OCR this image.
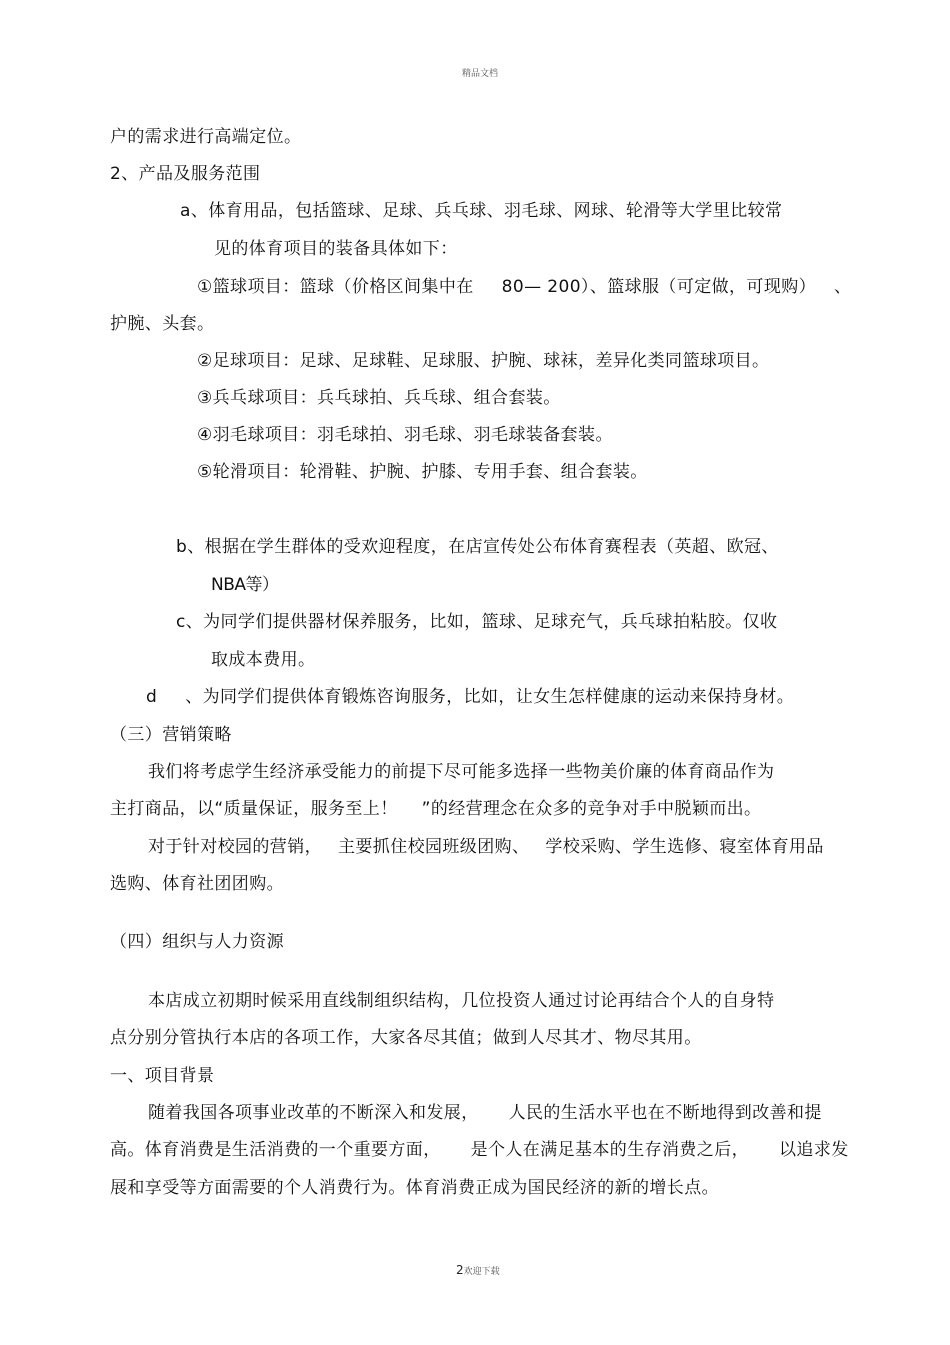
精品文档
户的需求进行高端定位。
2、产品及服务范围
a、体育用品，包括篮球、足球、兵乓球、羽毛球、网球、轮滑等大学里比较常
见的体育项目的装备具体如下：
①篮球项目：篮球（价格区间集中在 80— 200）、篮球服（可定做，可现购） 、
护腕、头套。
②足球项目：足球、足球鞋、足球服、护腕、球袜，差异化类同篮球项目。
③兵乓球项目：兵乓球拍、兵乓球、组合套装。
④羽毛球项目：羽毛球拍、羽毛球、羽毛球装备套装。
⑤轮滑项目：轮滑鞋、护腕、护膝、专用手套、组合套装。
b、根据在学生群体的受欢迎程度，在店宣传处公布体育赛程表（英超、欧冠、
NBA等）
c、为同学们提供器材保养服务，比如，篮球、足球充气，兵乓球拍粘胶。仅收
取成本费用。
d 、为同学们提供体育锻炼咨询服务，比如，让女生怎样健康的运动来保持身材。
（三）营销策略
我们将考虑学生经济承受能力的前提下尽可能多选择一些物美价廉的体育商品作为
主打商品，以“质量保证，服务至上！ ”的经营理念在众多的竞争对手中脱颖而出。
对于针对校园的营销， 主要抓住校园班级团购、 学校采购、学生选修、寝室体育用品
选购、体育社团团购。
（四）组织与人力资源
本店成立初期时候采用直线制组织结构，几位投资人通过讨论再结合个人的自身特
点分别分管执行本店的各项工作，大家各尽其值；做到人尽其才、物尽其用。
一、项目背景
随着我国各项事业改革的不断深入和发展， 人民的生活水平也在不断地得到改善和提
高。体育消费是生活消费的一个重要方面， 是个人在满足基本的生存消费之后， 以追求发
展和享受等方面需要的个人消费行为。体育消费正成为国民经济的新的增长点。
2欢迎下载
